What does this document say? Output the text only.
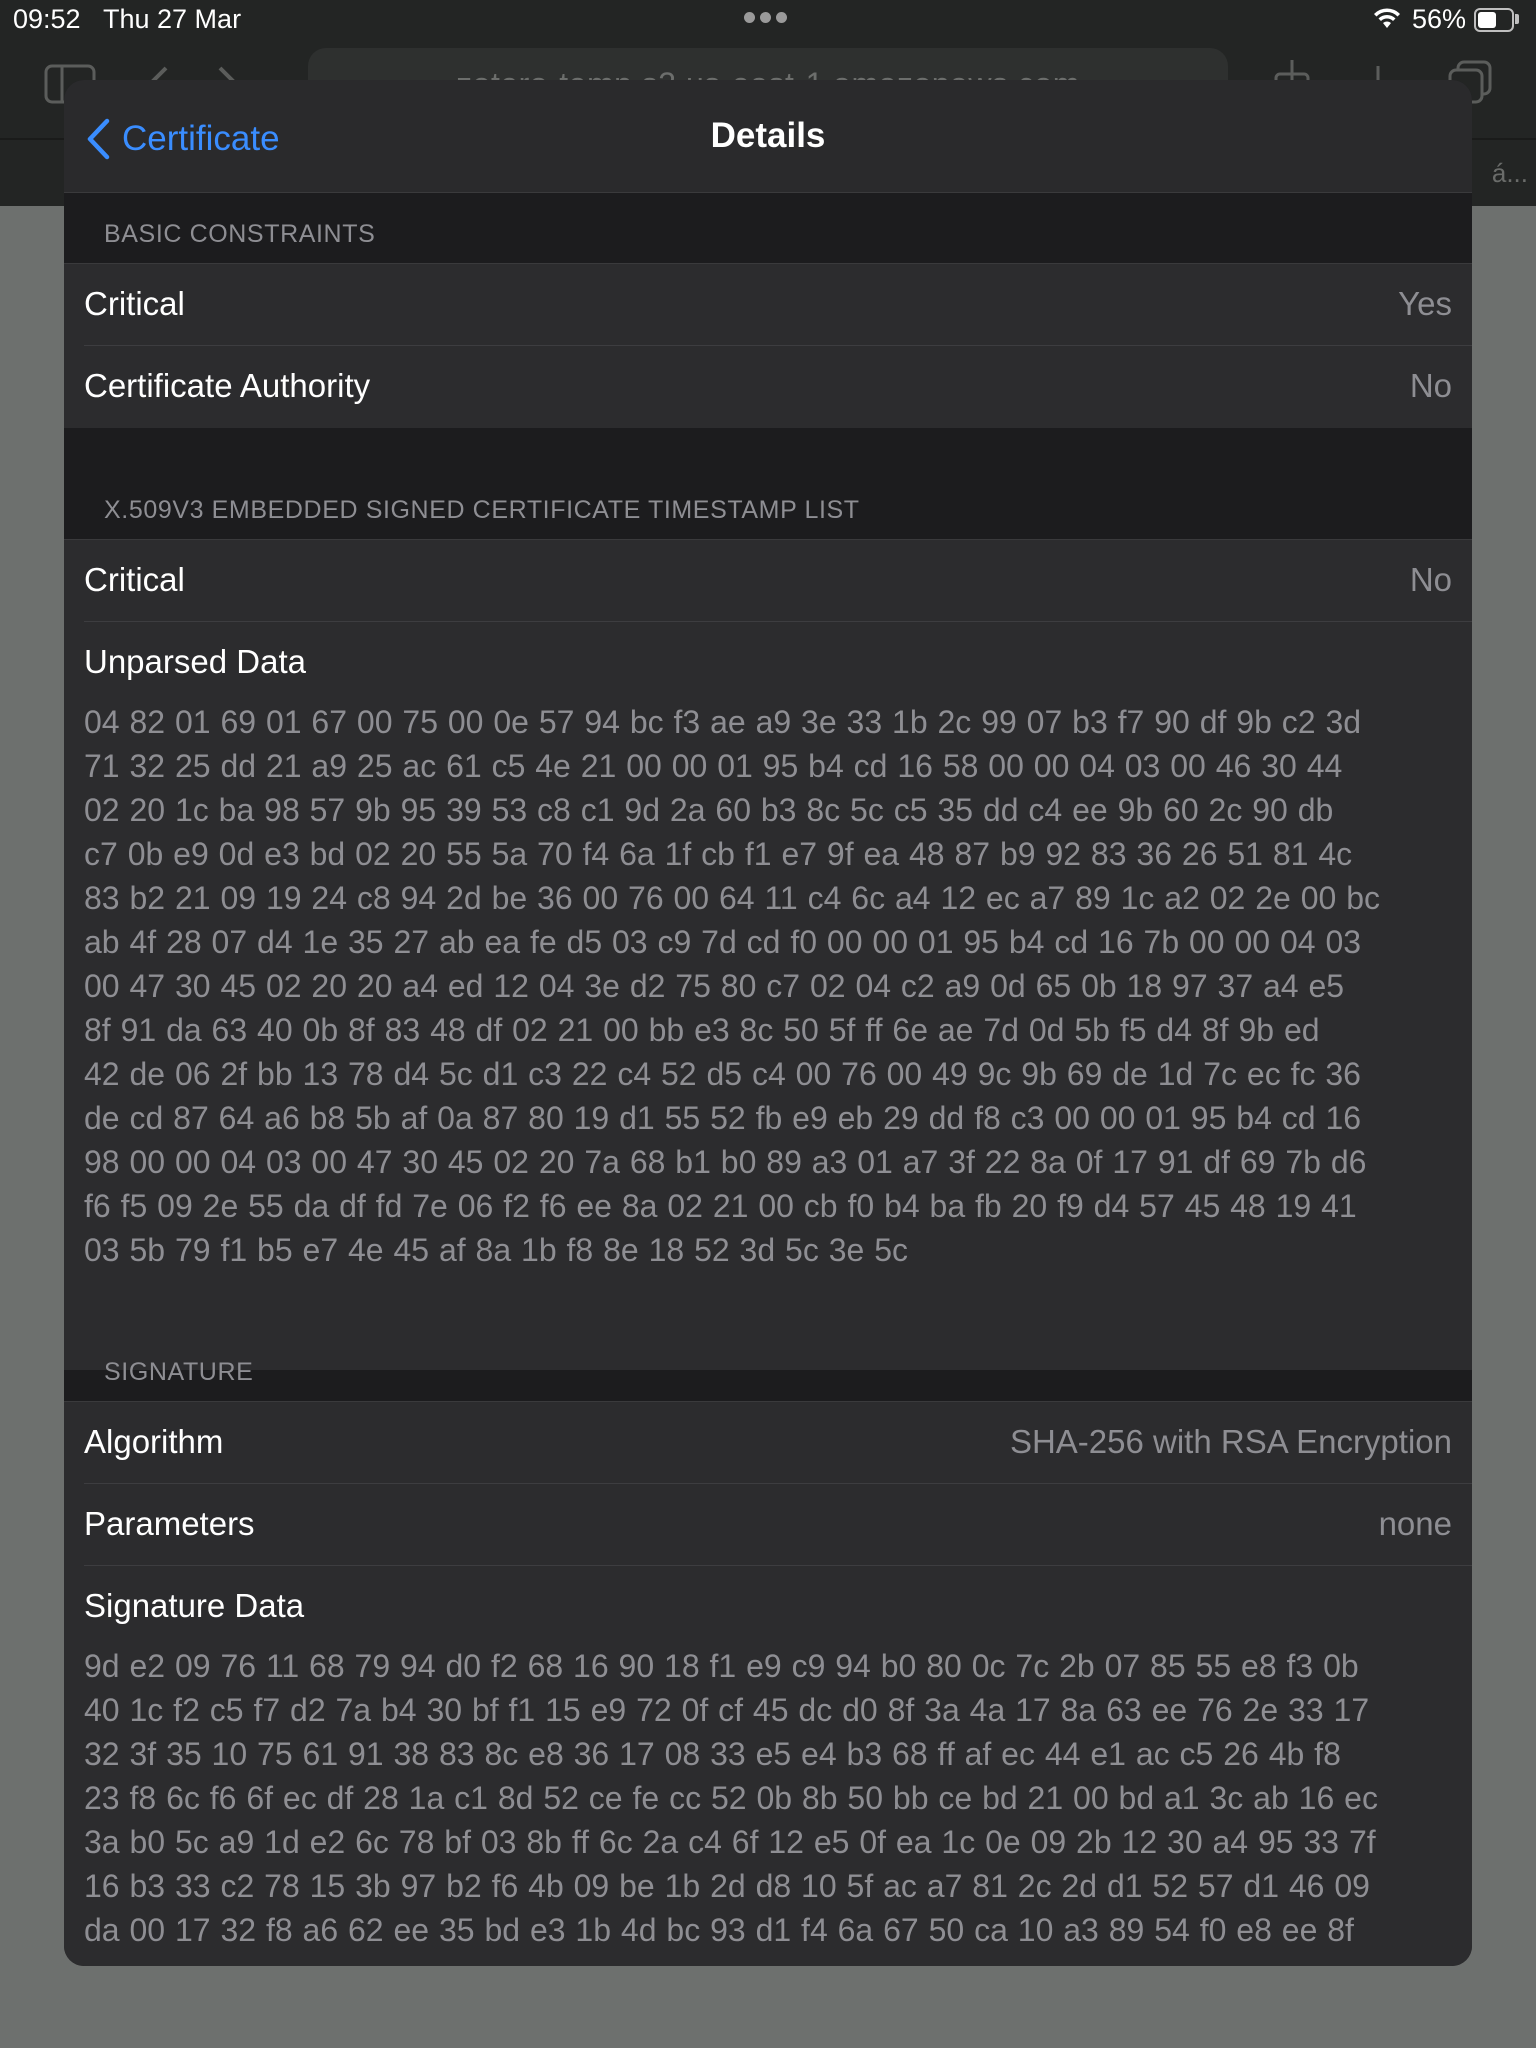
á...
09:52 Thu 27 Mar	56%
Certificate	Details
BASIC CONSTRAINTS
Critical	Yes
Certificate Authority	No
X.509V3 EMBEDDED SIGNED CERTIFICATE TIMESTAMP LIST
Critical	No
Unparsed Data
04 82 01 69 01 67 00 75 00 0e 57 94 bc f3 ae a9 3e 33 1b 2c 99 07 b3 f7 90 df 9b c2 3d
71 32 25 dd 21 a9 25 ac 61 c5 4e 21 00 00 01 95 b4 cd 16 58 00 00 04 03 00 46 30 44
02 20 1c ba 98 57 9b 95 39 53 c8 c1 9d 2a 60 b3 8c 5c c5 35 dd c4 ee 9b 60 2c 90 db
c7 0b e9 0d e3 bd 02 20 55 5a 70 f4 6a 1f cb f1 e7 9f ea 48 87 b9 92 83 36 26 51 81 4c
83 b2 21 09 19 24 c8 94 2d be 36 00 76 00 64 11 c4 6c a4 12 ec a7 89 1c a2 02 2e 00 bc
ab 4f 28 07 d4 1e 35 27 ab ea fe d5 03 c9 7d cd f0 00 00 01 95 b4 cd 16 7b 00 00 04 03
00 47 30 45 02 20 20 a4 ed 12 04 3e d2 75 80 c7 02 04 c2 a9 0d 65 0b 18 97 37 a4 e5
8f 91 da 63 40 0b 8f 83 48 df 02 21 00 bb e3 8c 50 5f ff 6e ae 7d 0d 5b f5 d4 8f 9b ed
42 de 06 2f bb 13 78 d4 5c d1 c3 22 c4 52 d5 c4 00 76 00 49 9c 9b 69 de 1d 7c ec fc 36
de cd 87 64 a6 b8 5b af 0a 87 80 19 d1 55 52 fb e9 eb 29 dd f8 c3 00 00 01 95 b4 cd 16
98 00 00 04 03 00 47 30 45 02 20 7a 68 b1 b0 89 a3 01 a7 3f 22 8a 0f 17 91 df 69 7b d6
f6 f5 09 2e 55 da df fd 7e 06 f2 f6 ee 8a 02 21 00 cb f0 b4 ba fb 20 f9 d4 57 45 48 19 41
03 5b 79 f1 b5 e7 4e 45 af 8a 1b f8 8e 18 52 3d 5c 3e 5c
SIGNATURE
Algorithm	SHA-256 with RSA Encryption
Parameters	none
Signature Data
9d e2 09 76 11 68 79 94 d0 f2 68 16 90 18 f1 e9 c9 94 b0 80 0c 7c 2b 07 85 55 e8 f3 0b
40 1c f2 c5 f7 d2 7a b4 30 bf f1 15 e9 72 0f cf 45 dc d0 8f 3a 4a 17 8a 63 ee 76 2e 33 17
32 3f 35 10 75 61 91 38 83 8c e8 36 17 08 33 e5 e4 b3 68 ff af ec 44 e1 ac c5 26 4b f8
23 f8 6c f6 6f ec df 28 1a c1 8d 52 ce fe cc 52 0b 8b 50 bb ce bd 21 00 bd a1 3c ab 16 ec
3a b0 5c a9 1d e2 6c 78 bf 03 8b ff 6c 2a c4 6f 12 e5 0f ea 1c 0e 09 2b 12 30 a4 95 33 7f
16 b3 33 c2 78 15 3b 97 b2 f6 4b 09 be 1b 2d d8 10 5f ac a7 81 2c 2d d1 52 57 d1 46 09
da 00 17 32 f8 a6 62 ee 35 bd e3 1b 4d bc 93 d1 f4 6a 67 50 ca 10 a3 89 54 f0 e8 ee 8f
